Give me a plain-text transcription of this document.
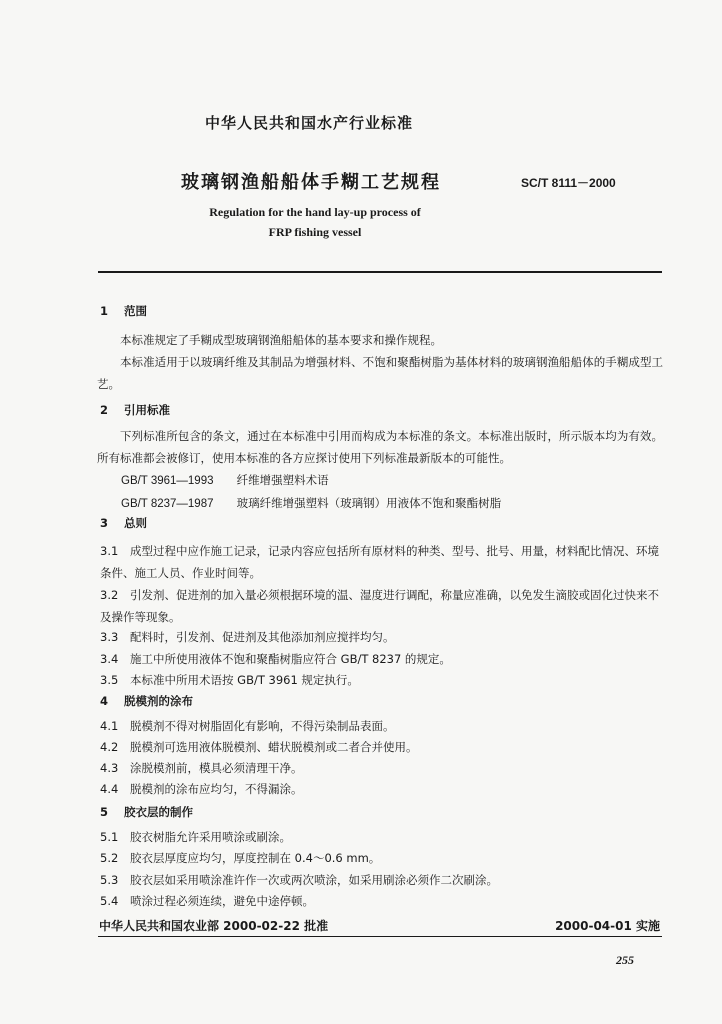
中华人民共和国水产行业标准
玻璃钢渔船船体手糊工艺规程	SC/T 8111－2000
Regulation for the hand lay-up process of
FRP fishing vessel
1 范围

本标准规定了手糊成型玻璃钢渔船船体的基本要求和操作规程。

本标准适用于以玻璃纤维及其制品为增强材料、不饱和聚酯树脂为基体材料的玻璃钢渔船船体的手糊成型工艺。

2 引用标准

下列标准所包含的条文，通过在本标准中引用而构成为本标准的条文。本标准出版时，所示版本均为有效。所有标准都会被修订，使用本标准的各方应探讨使用下列标准最新版本的可能性。

GB/T 3961—1993 纤维增强塑料术语
GB/T 8237—1987 玻璃纤维增强塑料（玻璃钢）用液体不饱和聚酯树脂
3 总则
3.1 成型过程中应作施工记录，记录内容应包括所有原材料的种类、型号、批号、用量，材料配比情况、环境条件、施工人员、作业时间等。
3.2 引发剂、促进剂的加入量必须根据环境的温、湿度进行调配，称量应准确，以免发生滴胶或固化过快来不及操作等现象。
3.3 配料时，引发剂、促进剂及其他添加剂应搅拌均匀。
3.4 施工中所使用液体不饱和聚酯树脂应符合 GB/T 8237 的规定。
3.5 本标准中所用术语按 GB/T 3961 规定执行。
4 脱模剂的涂布
4.1 脱模剂不得对树脂固化有影响，不得污染制品表面。
4.2 脱模剂可选用液体脱模剂、蜡状脱模剂或二者合并使用。
4.3 涂脱模剂前，模具必须清理干净。
4.4 脱模剂的涂布应均匀，不得漏涂。
5 胶衣层的制作
5.1 胶衣树脂允许采用喷涂或刷涂。
5.2 胶衣层厚度应均匀，厚度控制在 0.4～0.6 mm。
5.3 胶衣层如采用喷涂准许作一次或两次喷涂，如采用刷涂必须作二次刷涂。
5.4 喷涂过程必须连续，避免中途停顿。
中华人民共和国农业部 2000-02-22 批准	2000-04-01 实施
255
